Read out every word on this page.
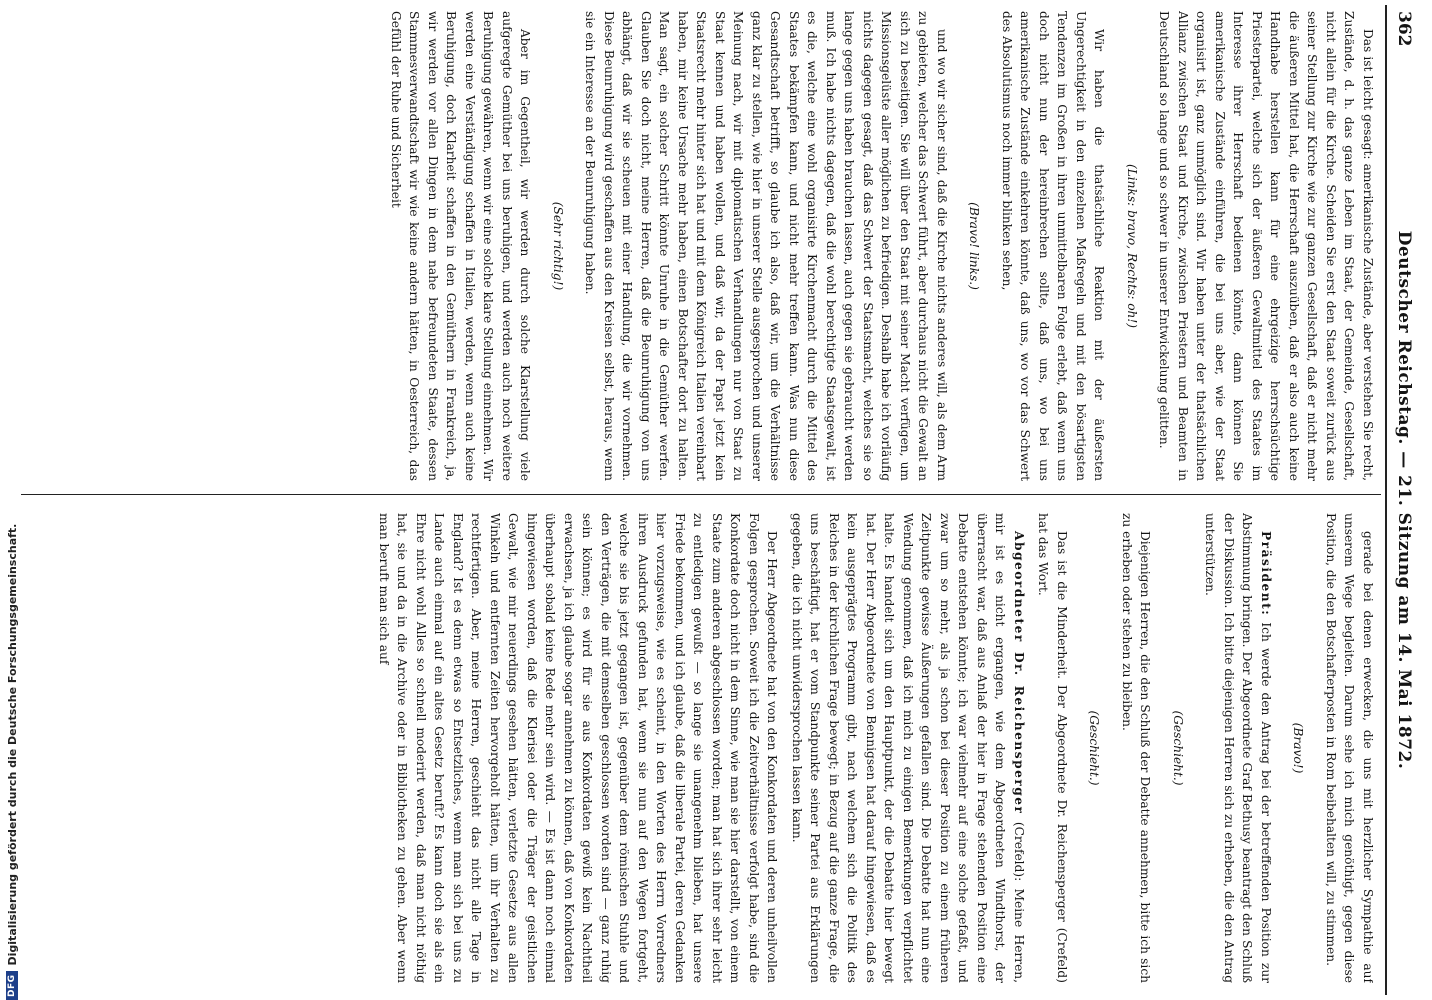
362
Deutscher Reichstag. — 21. Sitzung am 14. Mai 1872.

Das ist leicht gesagt: amerikanische Zustände, aber verstehen Sie recht, Zustände, d. h. das ganze Leben im Staat, der Gemeinde, Gesellschaft, nicht allein für die Kirche. Scheiden Sie erst den Staat soweit zurück aus seiner Stellung zur Kirche wie zur ganzen Gesellschaft, daß er nicht mehr die äußeren Mittel hat, die Herrschaft auszuüben, daß er also auch keine Handhabe herstellen kann für eine ehrgeizige herrschsüchtige Priesterpartei, welche sich der äußeren Gewaltmittel des Staates im Interesse ihrer Herrschaft bedienen könnte, dann können Sie amerikanische Zustände einführen, die bei uns aber, wie der Staat organisirt ist, ganz unmöglich sind. Wir haben unter der thatsächlichen Allianz zwischen Staat und Kirche, zwischen Priestern und Beamten in Deutschland so lange und so schwer in unserer Entwickelung gelitten.

(Links: bravo, Rechts: oh!)

Wir haben die thatsächliche Reaktion mit der äußersten Ungerechtigkeit in den einzelnen Maßregeln und mit den bösartigsten Tendenzen im Großen in ihren unmittelbaren Folge erlebt, daß wenn uns doch nicht nun der hereinbrechen sollte, daß uns, wo bei uns amerikanische Zustände einkehren könnte, daß uns, wo vor das Schwert des Absolutismus noch immer blinken sehen,

(Bravo! links.)

und wo wir sicher sind, daß die Kirche nichts anderes will, als dem Arm zu gebieten, welcher das Schwert führt, aber durchaus nicht die Gewalt an sich zu beseitigen. Sie will über den Staat mit seiner Macht verfügen, um Missionsgelüste aller möglichen zu befriedigen. Deshalb habe ich vorläufig nichts dagegen gesagt, daß das Schwert der Staatsmacht, welches sie so lange gegen uns haben brauchen lassen, auch gegen sie gebraucht werden muß. Ich habe nichts dagegen, daß die wohl berechtigte Staatsgewalt, ist es die, welche eine wohl organisirte Kirchenmacht durch die Mittel des Staates bekämpfen kann, und nicht mehr treffen kann. Was nun diese Gesandtschaft betrifft, so glaube ich also, daß wir, um die Verhältnisse ganz klar zu stellen, wie hier in unserer Stelle ausgesprochen und unserer Meinung nach, wir mit diplomatischen Verhandlungen nur von Staat zu Staat kennen und haben wollen, und daß wir, da der Papst jetzt kein Staatsrecht mehr hinter sich hat und mit dem Königreich Italien vereinbart haben, mir keine Ursache mehr haben, einen Botschafter dort zu halten. Man sagt, ein solcher Schritt könnte Unruhe in die Gemüther werfen. Glauben Sie doch nicht, meine Herren, daß die Beunruhigung von uns abhängt, daß wir sie scheuen mit einer Handlung, die wir vornehmen. Diese Beunruhigung wird geschaffen aus den Kreisen selbst, heraus, wenn sie ein Interesse an der Beunruhigung haben.

(Sehr richtig!)

Aber im Gegentheil, wir werden durch solche Klarstellung viele aufgeregte Gemüther bei uns beruhigen, und werden auch noch weitere Beruhigung gewähren, wenn wir eine solche klare Stellung einnehmen. Wir werden eine Verständigung schaffen in Italien, werden, wenn auch keine Beruhigung, doch Klarheit schaffen in den Gemüthern in Frankreich, ja, wir werden vor allen Dingen in dem nahe befreundeten Staate, dessen Stammesverwandtschaft wir wie keine andern hätten, in Oesterreich, das Gefühl der Ruhe und Sicherheit

gerade bei denen erwecken, die uns mit herzlicher Sympathie auf unserem Wege begleiten. Darum sehe ich mich genöthigt, gegen diese Position, die den Botschafterposten in Rom beibehalten will, zu stimmen.

(Bravo!)

Präsident: Ich werde den Antrag bei der betreffenden Position zur Abstimmung bringen. Der Abgeordnete Graf Bethusy beantragt den Schluß der Diskussion. Ich bitte diejenigen Herren sich zu erheben, die den Antrag unterstützen.

(Geschieht.)

Diejenigen Herren, die den Schluß der Debatte annehmen, bitte ich sich zu erheben oder stehen zu bleiben.

(Geschieht.)

Das ist die Minderheit. Der Abgeordnete Dr. Reichensperger (Crefeld) hat das Wort.

Abgeordneter Dr. Reichensperger (Crefeld): Meine Herren, mir ist es nicht ergangen, wie dem Abgeordneten Windthorst, der überrascht war, daß aus Anlaß der hier in Frage stehenden Position eine Debatte entstehen könnte; ich war vielmehr auf eine solche gefaßt, und zwar um so mehr, als ja schon bei dieser Position zu einem früheren Zeitpunkte gewisse Äußerungen gefallen sind. Die Debatte hat nun eine Wendung genommen, daß ich mich zu einigen Bemerkungen verpflichtet halte. Es handelt sich um den Hauptpunkt, der die Debatte hier bewegt hat. Der Herr Abgeordnete von Bennigsen hat darauf hingewiesen, daß es kein ausgeprägtes Programm gibt, nach welchem sich die Politik des Reiches in der kirchlichen Frage bewegt; in Bezug auf die ganze Frage, die uns beschäftigt, hat er vom Standpunkte seiner Partei aus Erklärungen gegeben, die ich nicht unwidersprochen lassen kann.

Der Herr Abgeordnete hat von den Konkordaten und deren unheilvollen Folgen gesprochen. Soweit ich die Zeitverhältnisse verfolgt habe, sind die Konkordate doch nicht in dem Sinne, wie man sie hier darstellt, von einem Staate zum anderen abgeschlossen worden; man hat sich ihrer sehr leicht zu entledigen gewußt — so lange sie unangenehm blieben, hat unsere Friede bekommen, und ich glaube, daß die liberale Partei, deren Gedanken hier vorzugsweise, wie es scheint, in den Worten des Herrn Vorredners ihren Ausdruck gefunden hat, wenn sie nun auf den Wegen fortgeht, welche sie bis jetzt gegangen ist, gegenüber dem römischen Stuhle und den Verträgen, die mit demselben geschlossen worden sind — ganz ruhig sein können; es wird für sie aus Konkordaten gewiß kein Nachtheil erwachsen, ja ich glaube sogar annehmen zu können, daß von Konkordaten überhaupt sobald keine Rede mehr sein wird. — Es ist dann noch einmal hingewiesen worden, daß die Klerisei oder die Träger der geistlichen Gewalt, wie mir neuerdings gesehen hätten, verletzte Gesetze aus allen Winkeln und entfernten Zeiten hervorgeholt hätten, um ihr Verhalten zu rechtfertigen. Aber, meine Herren, geschieht das nicht alle Tage in England? Ist es denn etwas so Entsetzliches, wenn man sich bei uns zu Lande auch einmal auf ein altes Gesetz beruft? Es kann doch sie als ein Ehre nicht wohl Alles so schnell moderirt werden, daß man nicht nöthig hat, sie und da in die Archive oder in Bibliotheken zu gehen. Aber wenn man beruft man sich auf

DFG
Digitalisierung gefördert durch die Deutsche Forschungsgemeinschaft.
